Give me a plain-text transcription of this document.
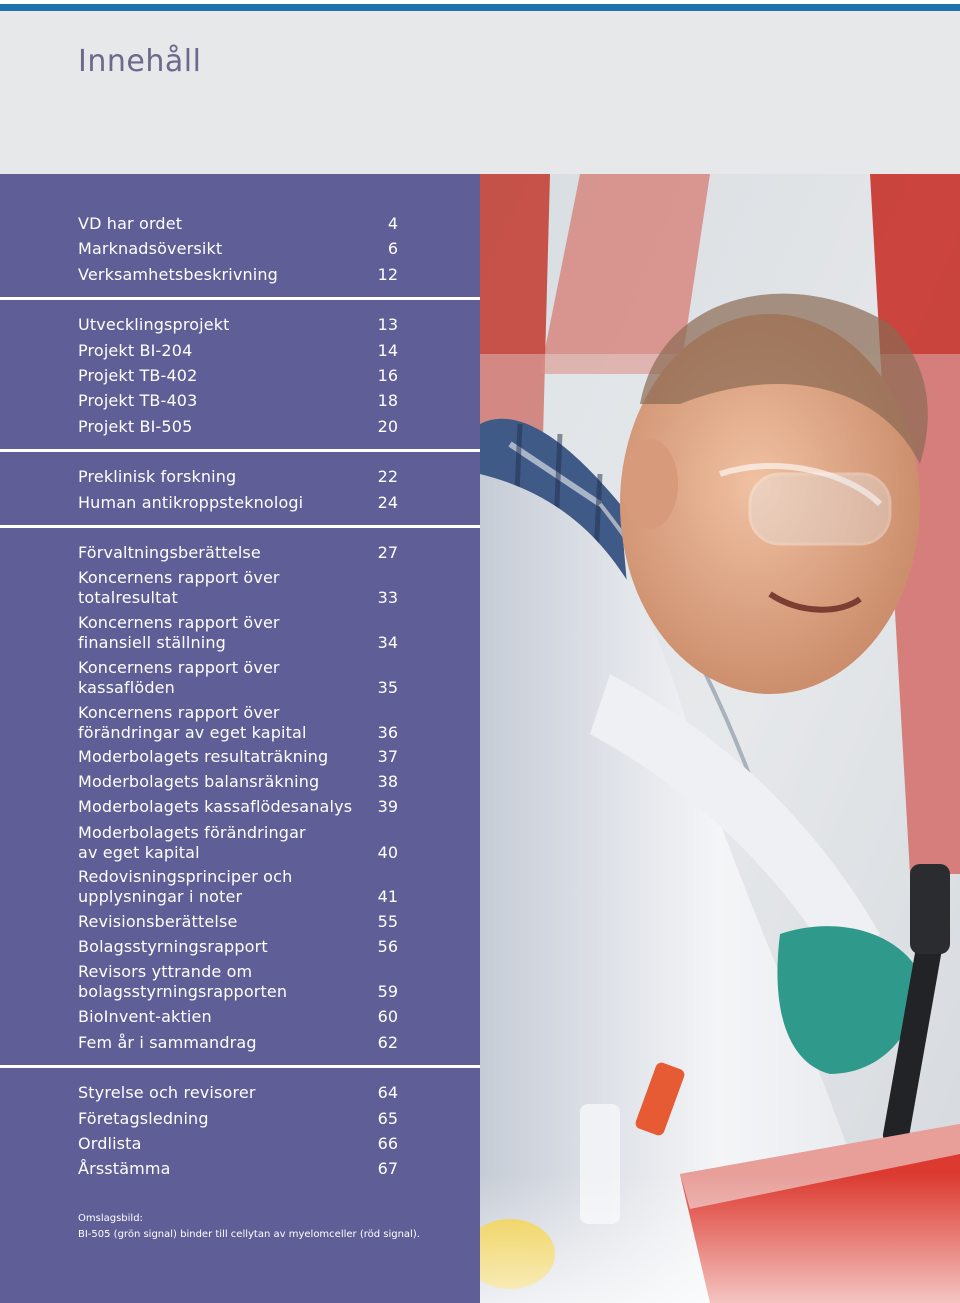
Innehåll
VD har ordet	4
Marknadsöversikt	6
Verksamhetsbeskrivning	12
Utvecklingsprojekt	13
Projekt BI-204	14
Projekt TB-402	16
Projekt TB-403	18
Projekt BI-505	20
Preklinisk forskning	22
Human antikroppsteknologi	24
Förvaltningsberättelse	27
Koncernens rapport över
totalresultat	33
Koncernens rapport över
finansiell ställning	34
Koncernens rapport över
kassaflöden	35
Koncernens rapport över
förändringar av eget kapital	36
Moderbolagets resultaträkning	37
Moderbolagets balansräkning	38
Moderbolagets kassaflödesanalys	39
Moderbolagets förändringar
av eget kapital	40
Redovisningsprinciper och
upplysningar i noter	41
Revisionsberättelse	55
Bolagsstyrningsrapport	56
Revisors yttrande om
bolagsstyrningsrapporten	59
BioInvent-aktien	60
Fem år i sammandrag	62
Styrelse och revisorer	64
Företagsledning	65
Ordlista	66
Årsstämma	67
Omslagsbild:
BI-505 (grön signal) binder till cellytan av myelomceller (röd signal).
